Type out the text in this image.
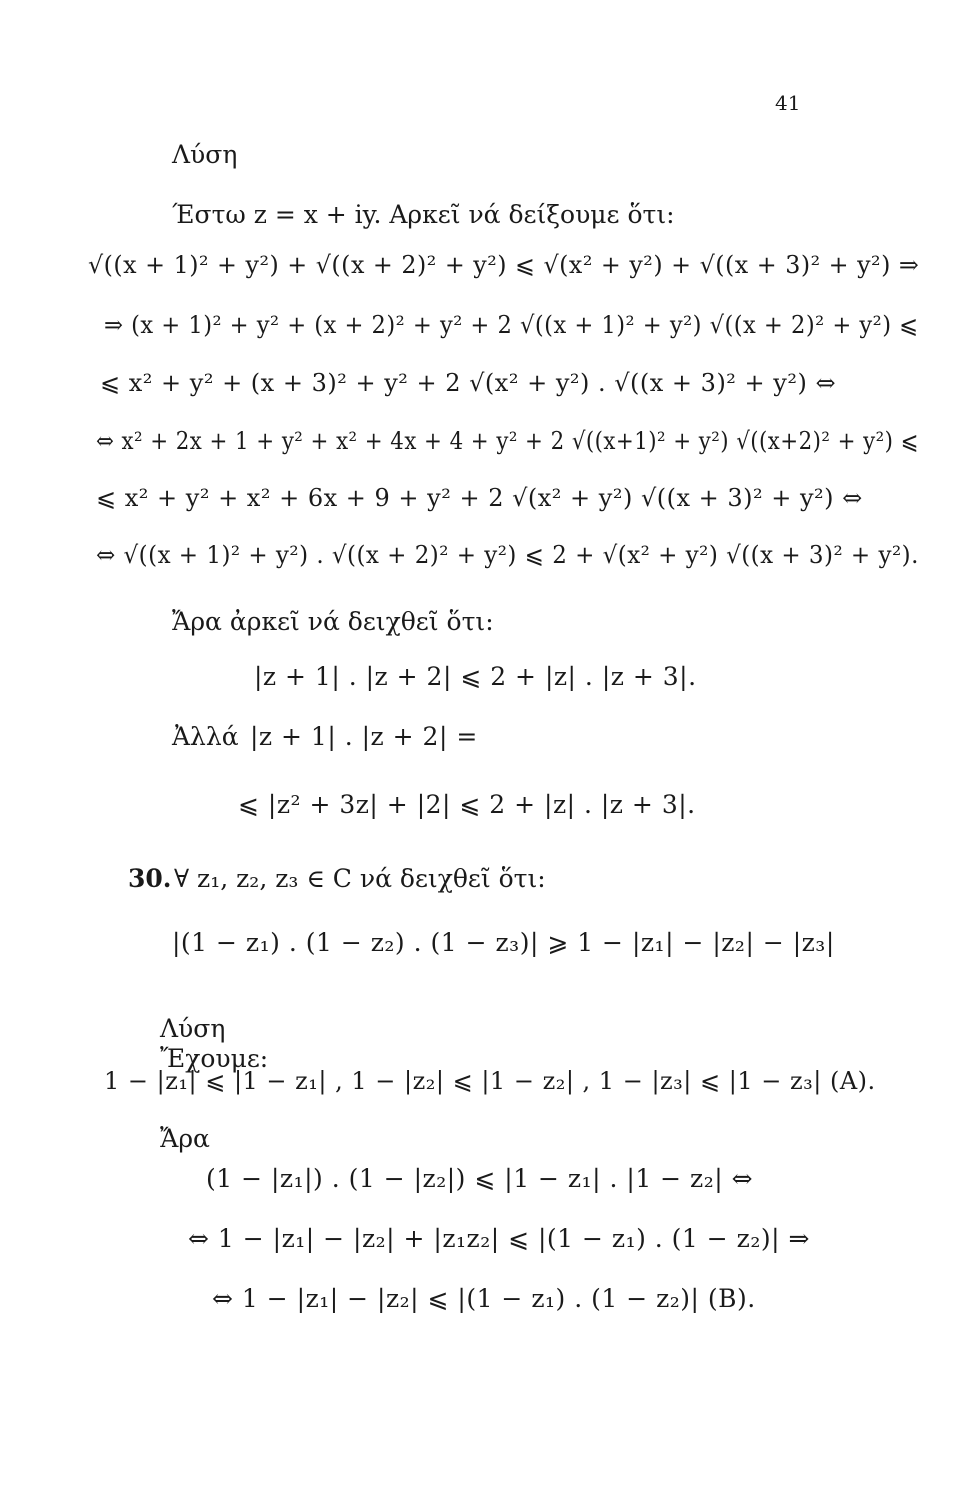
41
Λύση
Έστω z = x + iy. Αρκεῖ νά δείξουμε ὅτι:
√((x + 1)² + y²) + √((x + 2)² + y²) ⩽ √(x² + y²) + √((x + 3)² + y²) ⇒
⇒ (x + 1)² + y² + (x + 2)² + y² + 2 √((x + 1)² + y²) √((x + 2)² + y²) ⩽
⩽ x² + y² + (x + 3)² + y² + 2 √(x² + y²) . √((x + 3)² + y²) ⇔
⇔ x² + 2x + 1 + y² + x² + 4x + 4 + y² + 2 √((x+1)² + y²) √((x+2)² + y²) ⩽
⩽ x² + y² + x² + 6x + 9 + y² + 2 √(x² + y²) √((x + 3)² + y²) ⇔
⇔ √((x + 1)² + y²) . √((x + 2)² + y²) ⩽ 2 + √(x² + y²) √((x + 3)² + y²).
Ἄρα ἀρκεῖ νά δειχθεῖ ὅτι:
|z + 1| . |z + 2| ⩽ 2 + |z| . |z + 3|.
Ἀλλά |z + 1| . |z + 2| =
⩽ |z² + 3z| + |2| ⩽ 2 + |z| . |z + 3|.
30. ∀ z₁, z₂, z₃ ∈ C νά δειχθεῖ ὅτι:
|(1 − z₁) . (1 − z₂) . (1 − z₃)| ⩾ 1 − |z₁| − |z₂| − |z₃|
Λύση
Ἔχουμε:
1 − |z₁| ⩽ |1 − z₁| , 1 − |z₂| ⩽ |1 − z₂| , 1 − |z₃| ⩽ |1 − z₃| (A).
Ἄρα
(1 − |z₁|) . (1 − |z₂|) ⩽ |1 − z₁| . |1 − z₂| ⇔
⇔ 1 − |z₁| − |z₂| + |z₁z₂| ⩽ |(1 − z₁) . (1 − z₂)| ⇒
⇔ 1 − |z₁| − |z₂| ⩽ |(1 − z₁) . (1 − z₂)| (B).
